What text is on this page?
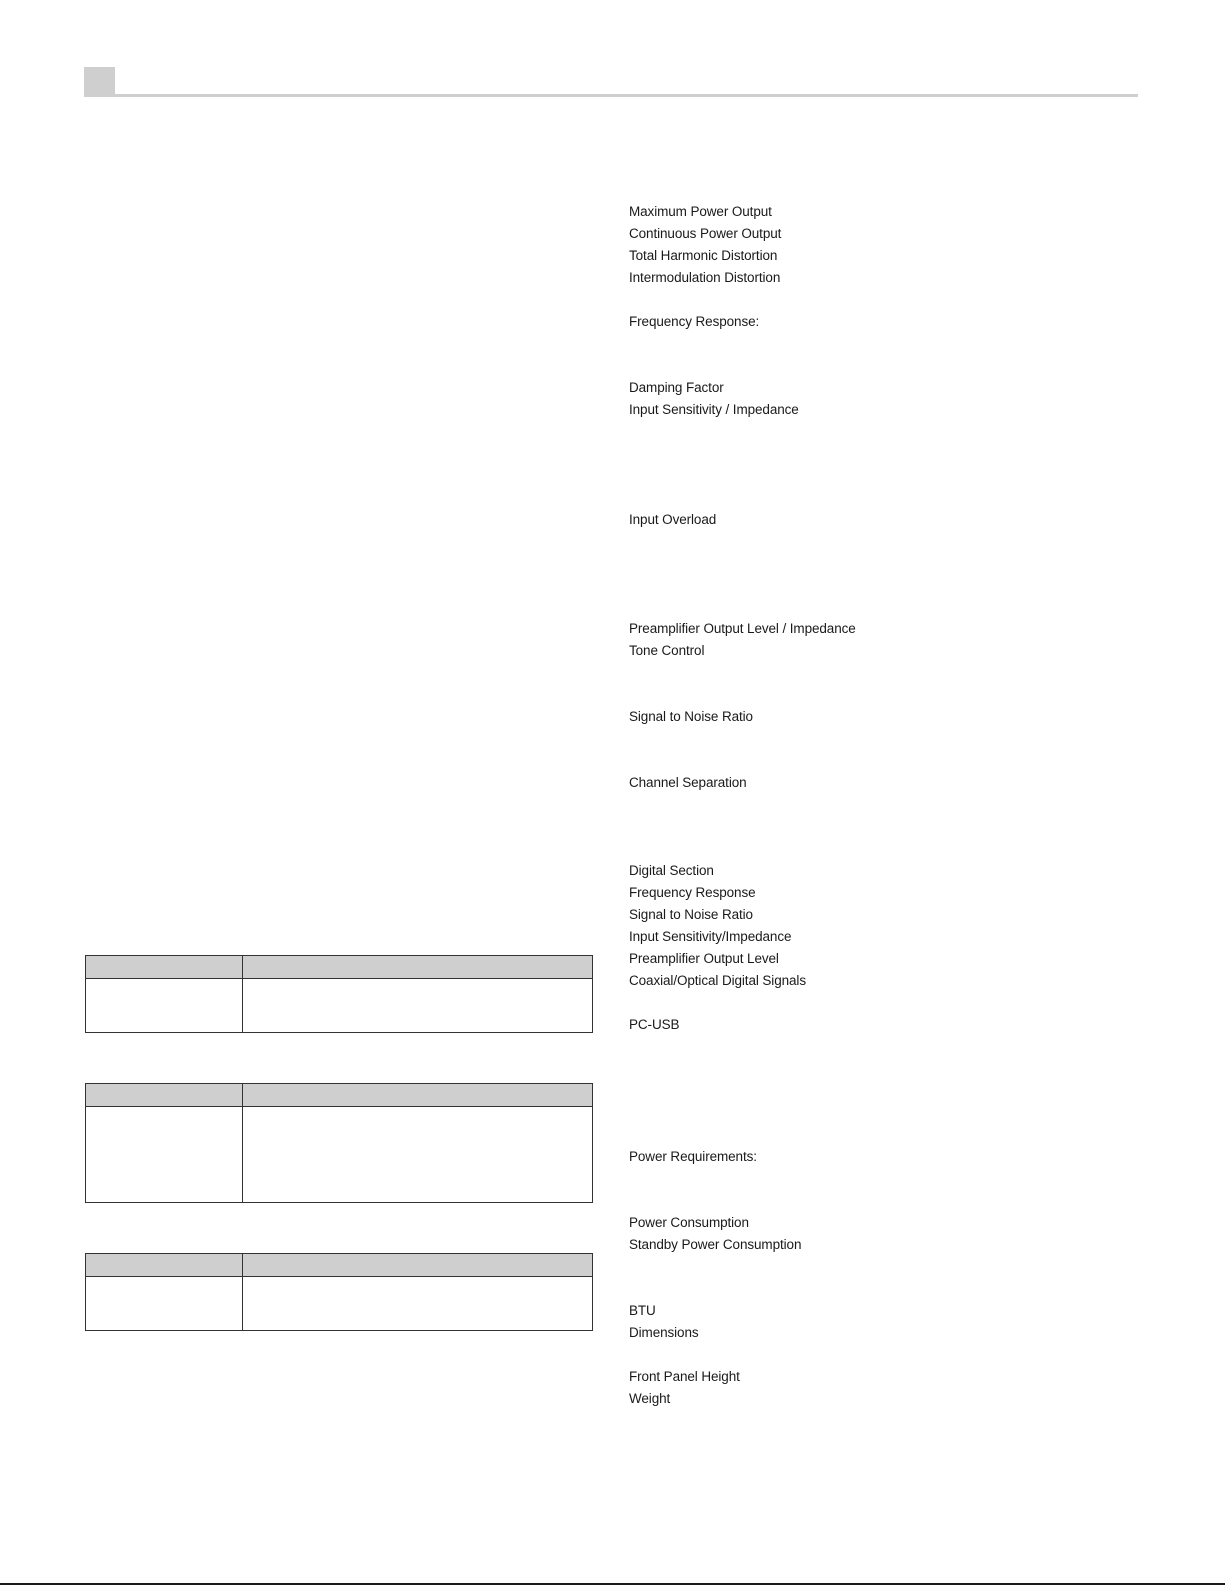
Maximum Power Output
Continuous Power Output
Total Harmonic Distortion
Intermodulation Distortion
Frequency Response:
Damping Factor
Input Sensitivity / Impedance
Input Overload
Preamplifier Output Level / Impedance
Tone Control
Signal to Noise Ratio
Channel Separation
Digital Section
Frequency Response
Signal to Noise Ratio
Input Sensitivity/Impedance
Preamplifier Output Level
Coaxial/Optical Digital Signals
PC-USB
Power Requirements:
Power Consumption
Standby Power Consumption
BTU
Dimensions
Front Panel Height
Weight
